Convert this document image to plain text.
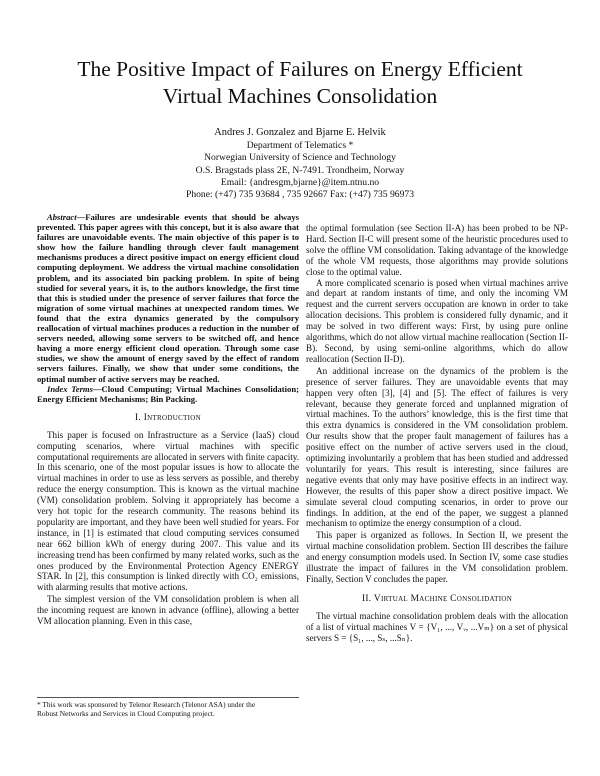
The Positive Impact of Failures on Energy Efficient
Virtual Machines Consolidation
Andres J. Gonzalez and Bjarne E. Helvik
Department of Telematics *
Norwegian University of Science and Technology
O.S. Bragstads plass 2E, N-7491. Trondheim, Norway
Email: {andresgm,bjarne}@item.ntnu.no
Phone: (+47) 735 93684 , 735 92667 Fax: (+47) 735 96973

Abstract—Failures are undesirable events that should be always prevented. This paper agrees with this concept, but it is also aware that failures are unavoidable events. The main objective of this paper is to show how the failure handling through clever fault management mechanisms produces a direct positive impact on energy efficient cloud computing deployment. We address the virtual machine consolidation problem, and its associated bin packing problem. In spite of being studied for several years, it is, to the authors knowledge, the first time that this is studied under the presence of server failures that force the migration of some virtual machines at unexpected random times. We found that the extra dynamics generated by the compulsory reallocation of virtual machines produces a reduction in the number of servers needed, allowing some servers to be switched off, and hence having a more energy efficient cloud operation. Through some case studies, we show the amount of energy saved by the effect of random servers failures. Finally, we show that under some conditions, the optimal number of active servers may be reached.

Index Terms—Cloud Computing; Virtual Machines Consolidation; Energy Efficient Mechanisms; Bin Packing.

I. Introduction

This paper is focused on Infrastructure as a Service (IaaS) cloud computing scenarios, where virtual machines with specific computational requirements are allocated in servers with finite capacity. In this scenario, one of the most popular issues is how to allocate the virtual machines in order to use as less servers as possible, and thereby reduce the energy consumption. This is known as the virtual machine (VM) consolidation problem. Solving it appropriately has become a very hot topic for the research community. The reasons behind its popularity are important, and they have been well studied for years. For instance, in [1] is estimated that cloud computing services consumed near 662 billion kWh of energy during 2007. This value and its increasing trend has been confirmed by many related works, such as the ones produced by the Environmental Protection Agency ENERGY STAR. In [2], this consumption is linked directly with CO₂ emissions, with alarming results that motive actions.

The simplest version of the VM consolidation problem is when all the incoming request are known in advance (offline), allowing a better VM allocation planning. Even in this case,

the optimal formulation (see Section II-A) has been probed to be NP-Hard. Section II-C will present some of the heuristic procedures used to solve the offline VM consolidation. Taking advantage of the knowledge of the whole VM requests, those algorithms may provide solutions close to the optimal value.

A more complicated scenario is posed when virtual machines arrive and depart at random instants of time, and only the incoming VM request and the current servers occupation are known in order to take allocation decisions. This problem is considered fully dynamic, and it may be solved in two different ways: First, by using pure online algorithms, which do not allow virtual machine reallocation (Section II-B). Second, by using semi-online algorithms, which do allow reallocation (Section II-D).

An additional increase on the dynamics of the problem is the presence of server failures. They are unavoidable events that may happen very often [3], [4] and [5]. The effect of failures is very relevant, because they generate forced and unplanned migration of virtual machines. To the authors’ knowledge, this is the first time that this extra dynamics is considered in the VM consolidation problem. Our results show that the proper fault management of failures has a positive effect on the number of active servers used in the cloud, optimizing involuntarily a problem that has been studied and addressed voluntarily for years. This result is interesting, since failures are negative events that only may have positive effects in an indirect way. However, the results of this paper show a direct positive impact. We simulate several cloud computing scenarios, in order to prove our findings. In addition, at the end of the paper, we suggest a planned mechanism to optimize the energy consumption of a cloud.

This paper is organized as follows. In Section II, we present the virtual machine consolidation problem. Section III describes the failure and energy consumption models used. In Section IV, some case studies illustrate the impact of failures in the VM consolidation problem. Finally, Section V concludes the paper.

II. Virtual Machine Consolidation

The virtual machine consolidation problem deals with the allocation of a list of virtual machines V = {V₁, ..., Vᵥ, ...Vₘ} on a set of physical servers S = {S₁, ..., Sₛ, ...Sₙ}.

* This work was sponsored by Telenor Research (Telenor ASA) under the
Robust Networks and Services in Cloud Computing project.
